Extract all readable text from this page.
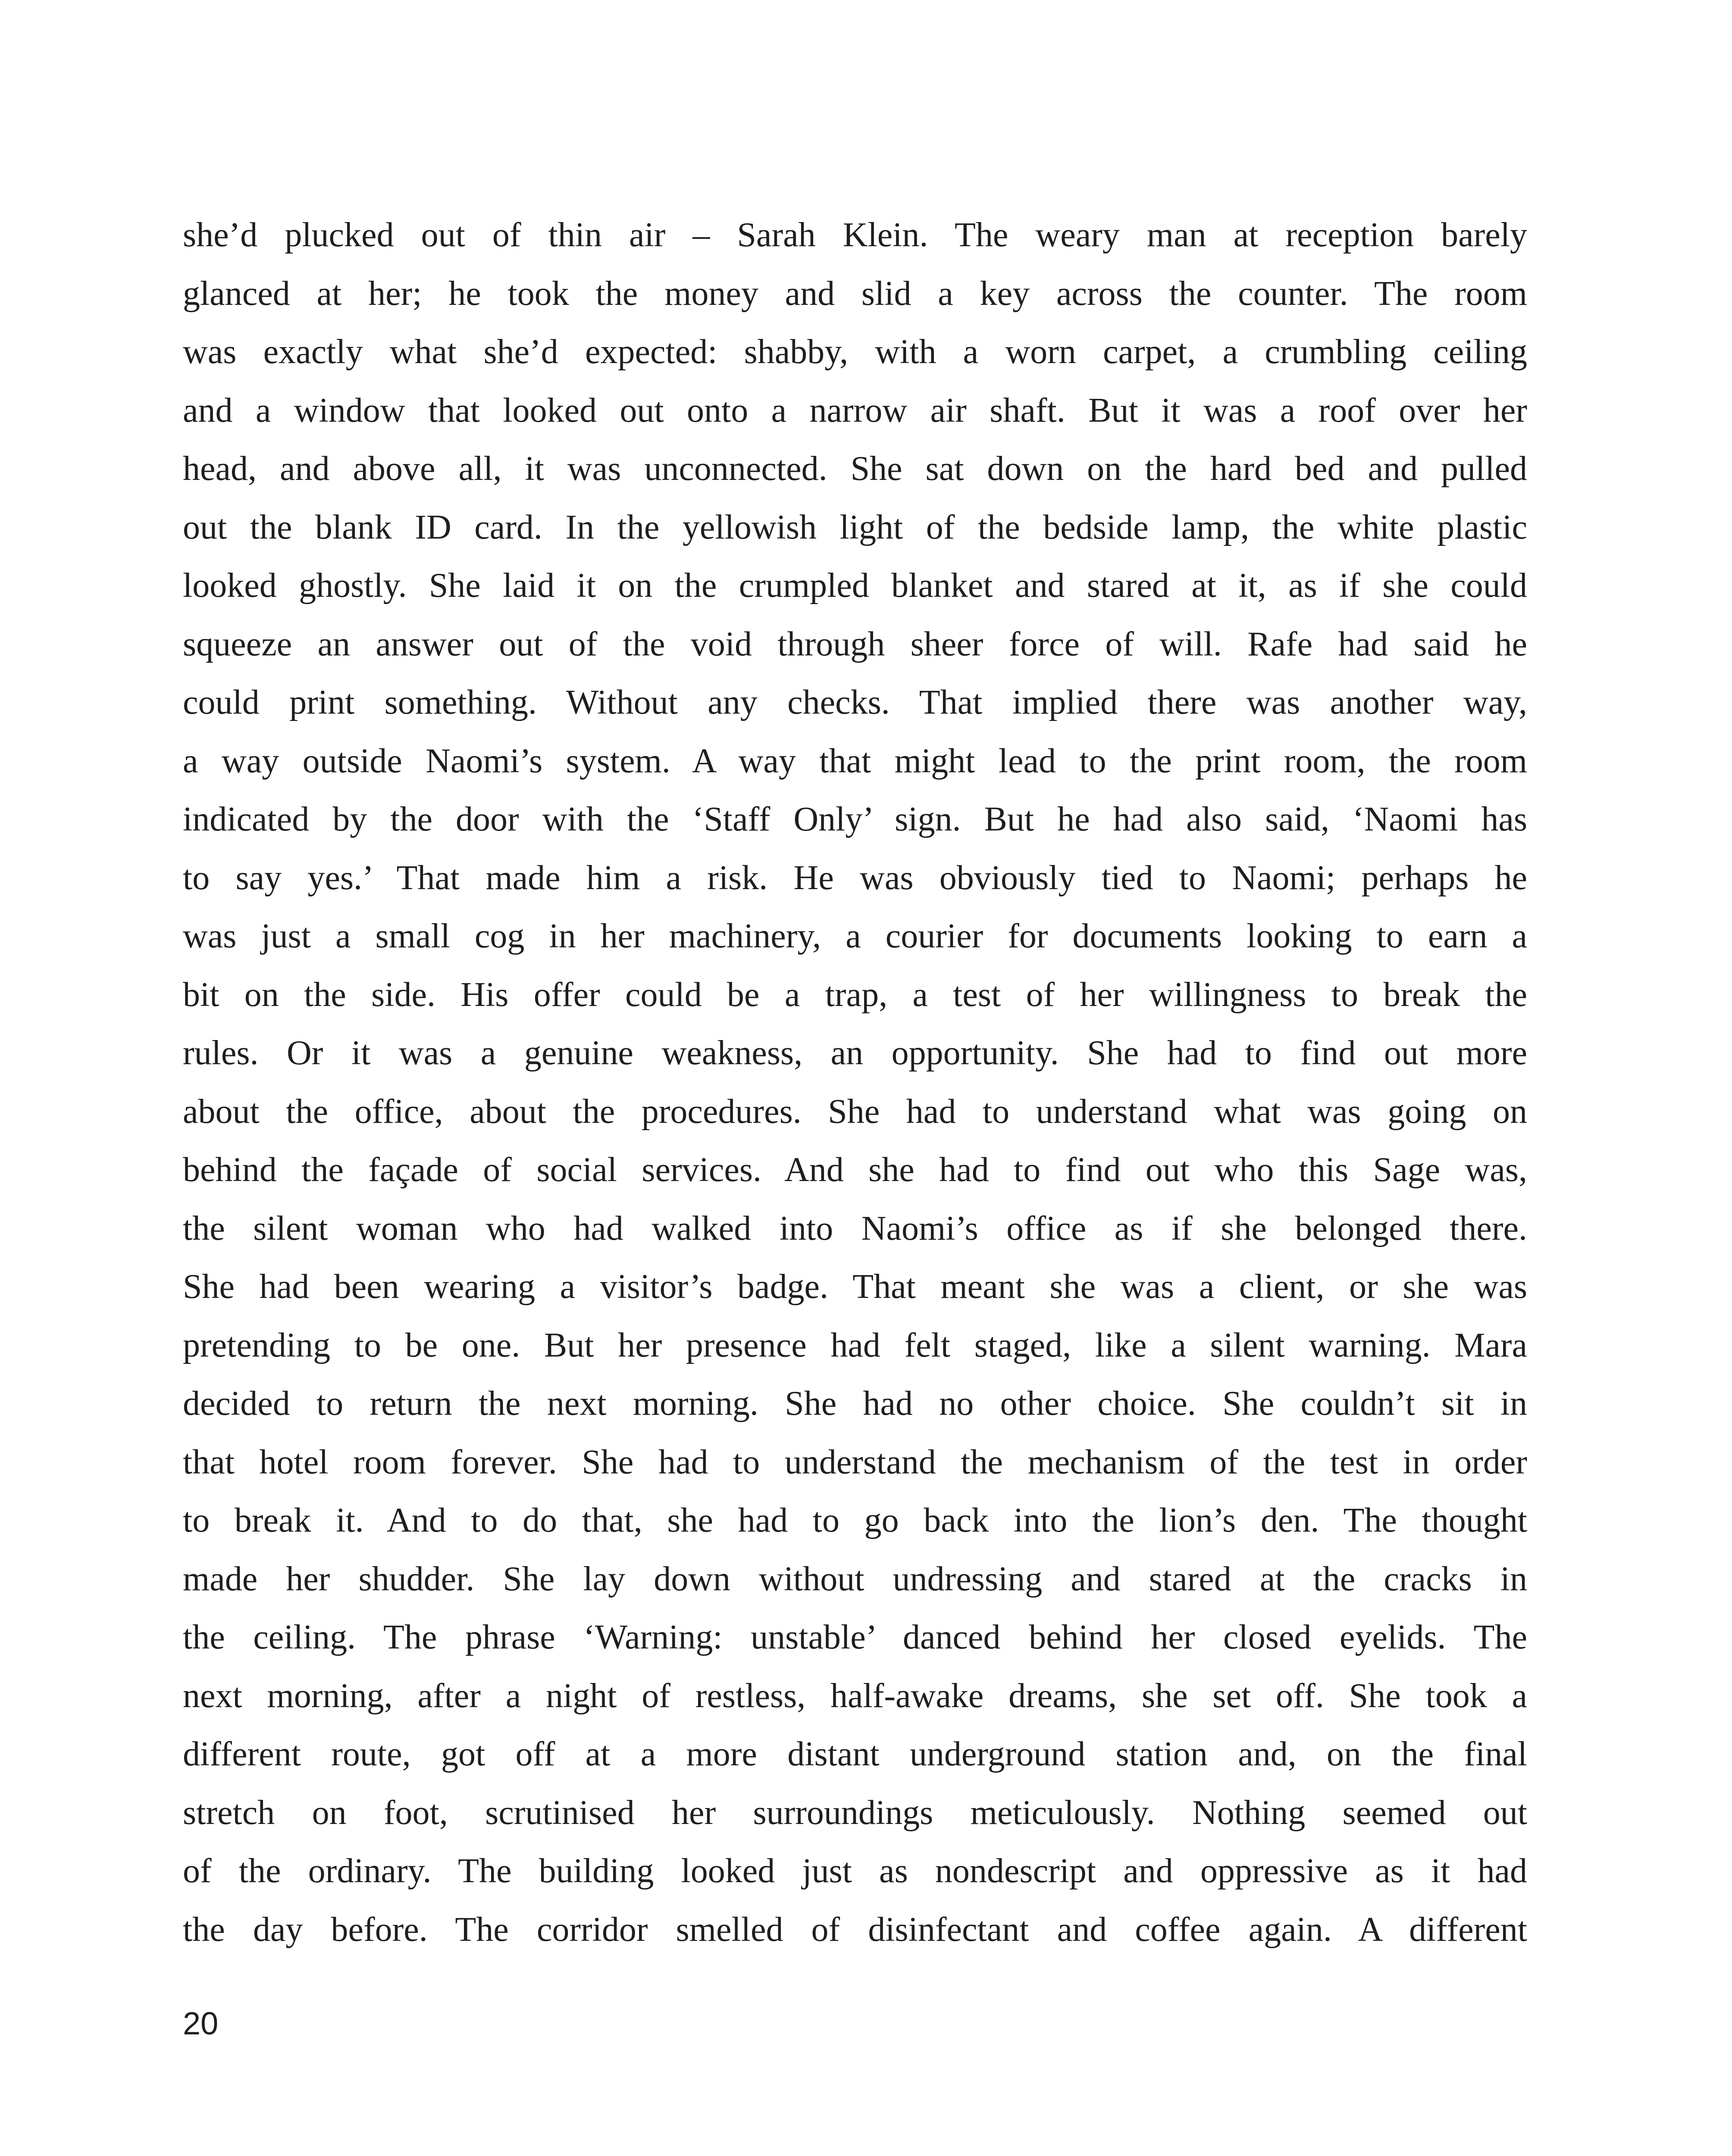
she’d plucked out of thin air – Sarah Klein. The weary man at reception barely
glanced at her; he took the money and slid a key across the counter. The room
was exactly what she’d expected: shabby, with a worn carpet, a crumbling ceiling
and a window that looked out onto a narrow air shaft. But it was a roof over her
head, and above all, it was unconnected. She sat down on the hard bed and pulled
out the blank ID card. In the yellowish light of the bedside lamp, the white plastic
looked ghostly. She laid it on the crumpled blanket and stared at it, as if she could
squeeze an answer out of the void through sheer force of will. Rafe had said he
could print something. Without any checks. That implied there was another way,
a way outside Naomi’s system. A way that might lead to the print room, the room
indicated by the door with the ‘Staff Only’ sign. But he had also said, ‘Naomi has
to say yes.’ That made him a risk. He was obviously tied to Naomi; perhaps he
was just a small cog in her machinery, a courier for documents looking to earn a
bit on the side. His offer could be a trap, a test of her willingness to break the
rules. Or it was a genuine weakness, an opportunity. She had to find out more
about the office, about the procedures. She had to understand what was going on
behind the façade of social services. And she had to find out who this Sage was,
the silent woman who had walked into Naomi’s office as if she belonged there.
She had been wearing a visitor’s badge. That meant she was a client, or she was
pretending to be one. But her presence had felt staged, like a silent warning. Mara
decided to return the next morning. She had no other choice. She couldn’t sit in
that hotel room forever. She had to understand the mechanism of the test in order
to break it. And to do that, she had to go back into the lion’s den. The thought
made her shudder. She lay down without undressing and stared at the cracks in
the ceiling. The phrase ‘Warning: unstable’ danced behind her closed eyelids. The
next morning, after a night of restless, half-awake dreams, she set off. She took a
different route, got off at a more distant underground station and, on the final
stretch on foot, scrutinised her surroundings meticulously. Nothing seemed out
of the ordinary. The building looked just as nondescript and oppressive as it had
the day before. The corridor smelled of disinfectant and coffee again. A different
20
